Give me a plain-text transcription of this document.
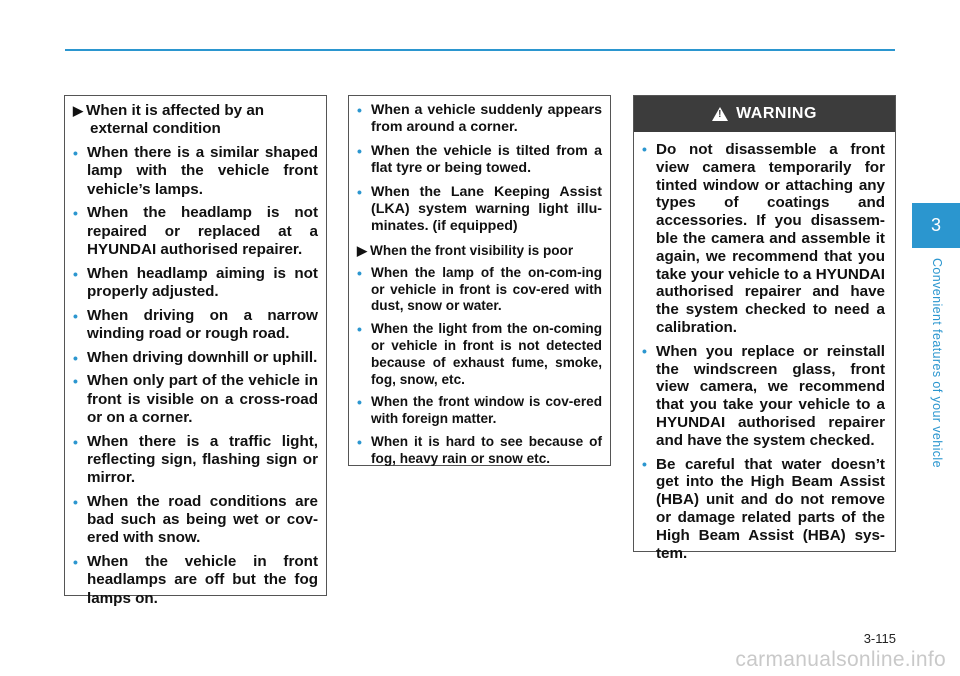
▶ When it is affected by an
external condition
• When there is a similar shaped lamp with the vehicle front vehicle’s lamps.
• When the headlamp is not repaired or replaced at a HYUNDAI authorised repairer.
• When headlamp aiming is not properly adjusted.
• When driving on a narrow winding road or rough road.
• When driving downhill or uphill.
• When only part of the vehicle in front is visible on a cross-road or on a corner.
• When there is a traffic light, reflecting sign, flashing sign or mirror.
• When the road conditions are bad such as being wet or cov-ered with snow.
• When the vehicle in front headlamps are off but the fog lamps on.
• When a vehicle suddenly appears from around a corner.
• When the vehicle is tilted from a flat tyre or being towed.
• When the Lane Keeping Assist (LKA) system warning light illu-minates. (if equipped)
▶ When the front visibility is poor
• When the lamp of the on-com-ing or vehicle in front is cov-ered with dust, snow or water.
• When the light from the on-coming or vehicle in front is not detected because of exhaust fume, smoke, fog, snow, etc.
• When the front window is cov-ered with foreign matter.
• When it is hard to see because of fog, heavy rain or snow etc.
! WARNING
• Do not disassemble a front view camera temporarily for tinted window or attaching any types of coatings and accessories. If you disassem-ble the camera and assemble it again, we recommend that you take your vehicle to a HYUNDAI authorised repairer and have the system checked to need a calibration.
• When you replace or reinstall the windscreen glass, front view camera, we recommend that you take your vehicle to a HYUNDAI authorised repairer and have the system checked.
• Be careful that water doesn’t get into the High Beam Assist (HBA) unit and do not remove or damage related parts of the High Beam Assist (HBA) sys-tem.
3
Convenient features of your vehicle
3-115
carmanualsonline.info
